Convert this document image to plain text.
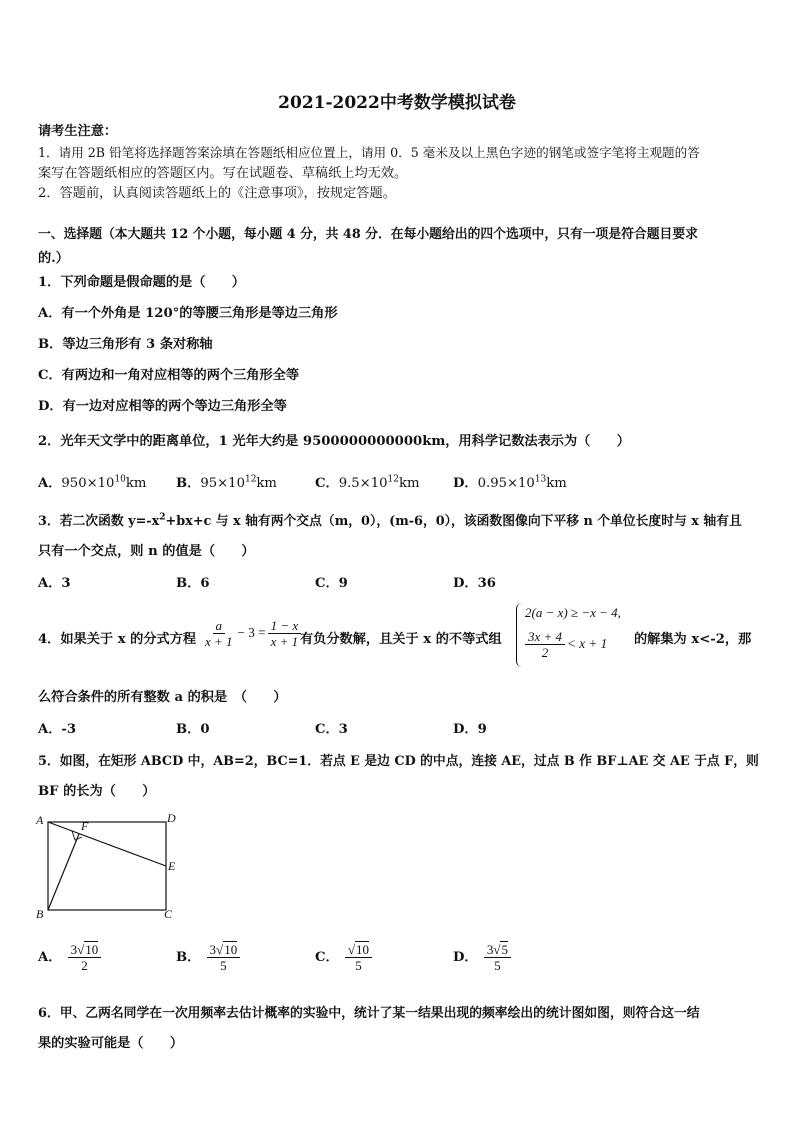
2021-2022中考数学模拟试卷
请考生注意：
1．请用 2B 铅笔将选择题答案涂填在答题纸相应位置上，请用 0．5 毫米及以上黑色字迹的钢笔或签字笔将主观题的答
案写在答题纸相应的答题区内。写在试题卷、草稿纸上均无效。
2．答题前，认真阅读答题纸上的《注意事项》，按规定答题。
一、选择题（本大题共 12 个小题，每小题 4 分，共 48 分．在每小题给出的四个选项中，只有一项是符合题目要求
的.）
1．下列命题是假命题的是（　　）
A．有一个外角是 120°的等腰三角形是等边三角形
B．等边三角形有 3 条对称轴
C．有两边和一角对应相等的两个三角形全等
D．有一边对应相等的两个等边三角形全等
2．光年天文学中的距离单位，1 光年大约是 9500000000000km，用科学记数法表示为（　　）
A．$950\times 10^{10}km$ B．$95\times 10^{12}km$	C．$9.5\times 10^{12}km$	D．$0.95\times 10^{13}km$
3．若二次函数 $y=-x^2+bx+c$ 与 x 轴有两个交点（m，0），(m-6，0），该函数图像向下平移 n 个单位长度时与 x 轴有且
只有一个交点，则 n 的值是（　　）
A．3	B．6	C．9	D．36
4．如果关于 x 的分式方程 $\frac{a}{x + 1} - 3 = \frac{1 - x}{x + 1}$
有负分数解，且关于 x 的不等式组
2(a − x) ≥ −x − 4,
$\frac{3x + 4}{2} < x + 1$ 的解集为 x<-2，那
么符合条件的所有整数 a 的积是　（　　）
A．-3	B．0	C．3	D．9
5．如图，在矩形 ABCD 中，AB=2，BC=1．若点 E 是边 CD 的中点，连接 AE，过点 B 作 BF⊥AE 交 AE 于点 F，则
BF 的长为（　　）
A	D
F
E
B	C
A． $\frac{3√10}{2}$	B． $\frac{3√10}{5}$	C． $\frac{√10}{5}$	D． $\frac{3√5}{5}$
6．甲、乙两名同学在一次用频率去估计概率的实验中，统计了某一结果出现的频率绘出的统计图如图，则符合这一结
果的实验可能是（　　）
